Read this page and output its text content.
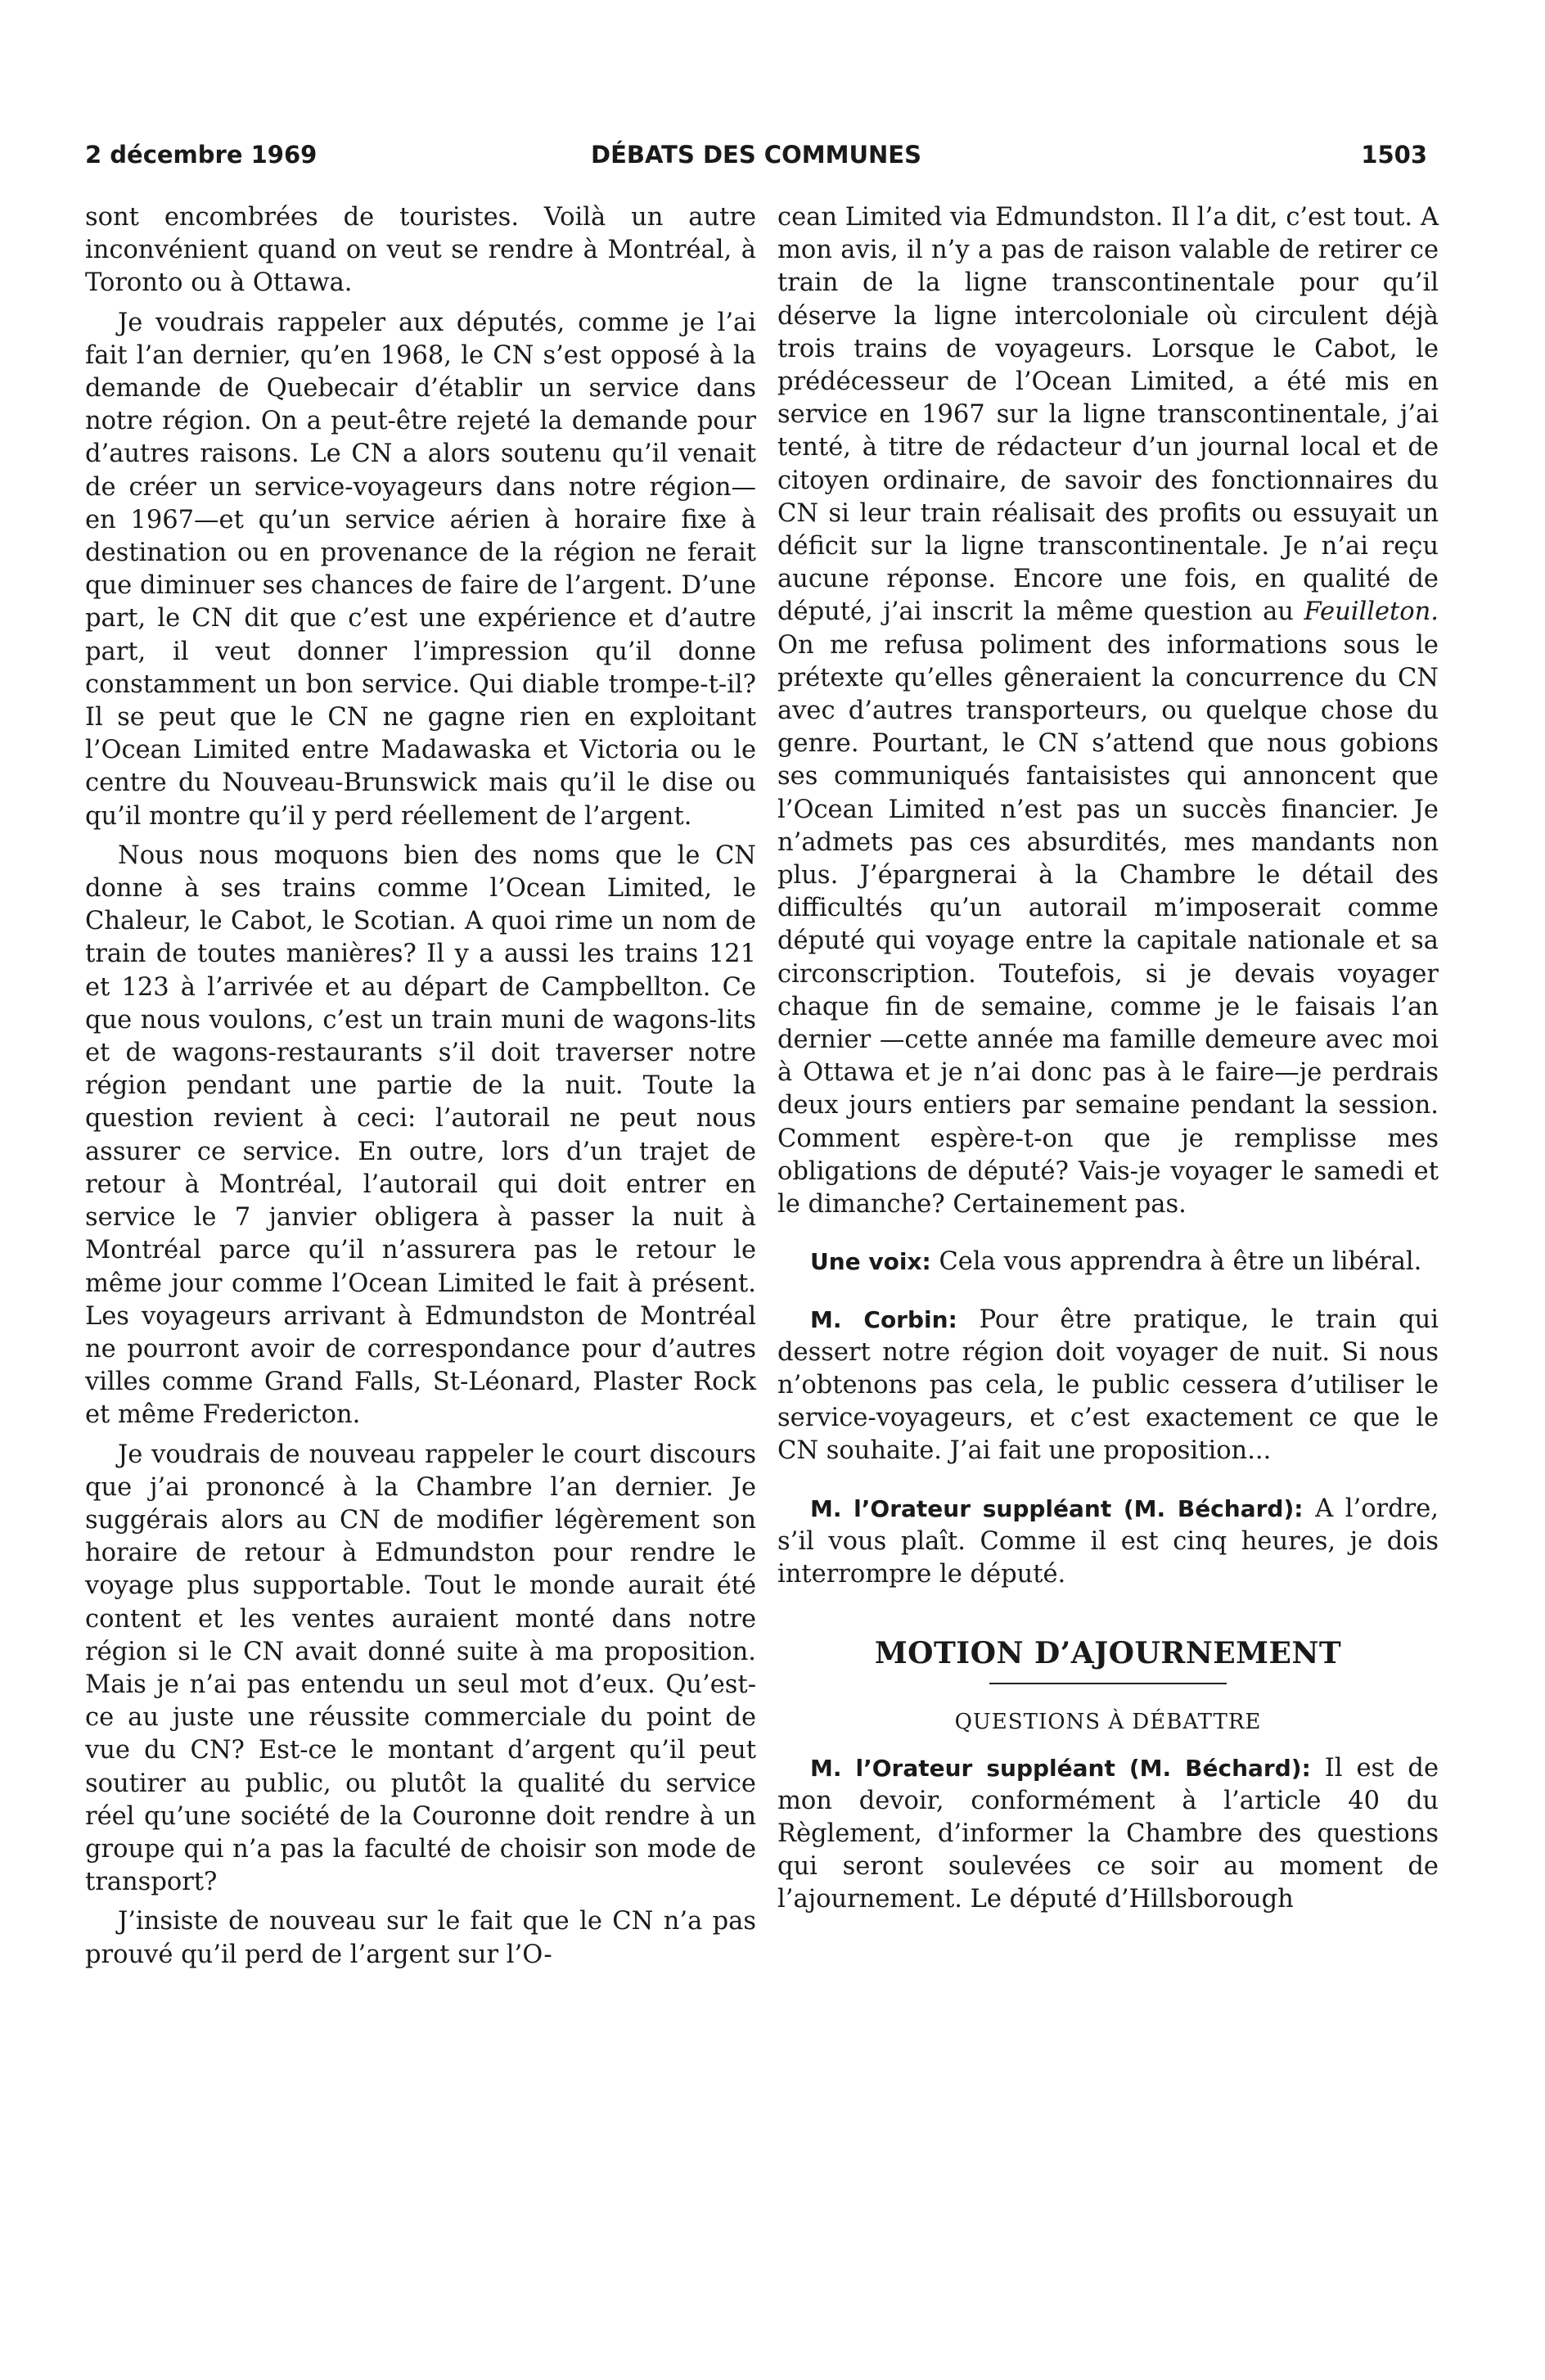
2 décembre 1969	DÉBATS DES COMMUNES	1503

sont encombrées de touristes. Voilà un autre inconvénient quand on veut se rendre à Montréal, à Toronto ou à Ottawa.

Je voudrais rappeler aux députés, comme je l’ai fait l’an dernier, qu’en 1968, le CN s’est opposé à la demande de Quebecair d’établir un service dans notre région. On a peut-être rejeté la demande pour d’autres raisons. Le CN a alors soutenu qu’il venait de créer un service-voyageurs dans notre région—en 1967—et qu’un service aérien à horaire fixe à destination ou en provenance de la région ne ferait que diminuer ses chances de faire de l’argent. D’une part, le CN dit que c’est une expérience et d’autre part, il veut donner l’impression qu’il donne constamment un bon service. Qui diable trompe-t-il? Il se peut que le CN ne gagne rien en exploitant l’Ocean Limited entre Madawaska et Victoria ou le centre du Nouveau-Brunswick mais qu’il le dise ou qu’il montre qu’il y perd réellement de l’argent.

Nous nous moquons bien des noms que le CN donne à ses trains comme l’Ocean Limited, le Chaleur, le Cabot, le Scotian. A quoi rime un nom de train de toutes manières? Il y a aussi les trains 121 et 123 à l’arrivée et au départ de Campbellton. Ce que nous voulons, c’est un train muni de wagons-lits et de wagons-restaurants s’il doit traverser notre région pendant une partie de la nuit. Toute la question revient à ceci: l’autorail ne peut nous assurer ce service. En outre, lors d’un trajet de retour à Montréal, l’autorail qui doit entrer en service le 7 janvier obligera à passer la nuit à Montréal parce qu’il n’assurera pas le retour le même jour comme l’Ocean Limited le fait à présent. Les voyageurs arrivant à Edmundston de Montréal ne pourront avoir de correspondance pour d’autres villes comme Grand Falls, St-Léonard, Plaster Rock et même Fredericton.

Je voudrais de nouveau rappeler le court discours que j’ai prononcé à la Chambre l’an dernier. Je suggérais alors au CN de modifier légèrement son horaire de retour à Edmundston pour rendre le voyage plus supportable. Tout le monde aurait été content et les ventes auraient monté dans notre région si le CN avait donné suite à ma proposition. Mais je n’ai pas entendu un seul mot d’eux. Qu’est-ce au juste une réussite commerciale du point de vue du CN? Est-ce le montant d’argent qu’il peut soutirer au public, ou plutôt la qualité du service réel qu’une société de la Couronne doit rendre à un groupe qui n’a pas la faculté de choisir son mode de transport?

J’insiste de nouveau sur le fait que le CN n’a pas prouvé qu’il perd de l’argent sur l’O-

cean Limited via Edmundston. Il l’a dit, c’est tout. A mon avis, il n’y a pas de raison valable de retirer ce train de la ligne transcontinentale pour qu’il déserve la ligne intercoloniale où circulent déjà trois trains de voyageurs. Lorsque le Cabot, le prédécesseur de l’Ocean Limited, a été mis en service en 1967 sur la ligne transcontinentale, j’ai tenté, à titre de rédacteur d’un journal local et de citoyen ordinaire, de savoir des fonctionnaires du CN si leur train réalisait des profits ou essuyait un déficit sur la ligne transcontinentale. Je n’ai reçu aucune réponse. Encore une fois, en qualité de député, j’ai inscrit la même question au Feuilleton. On me refusa poliment des informations sous le prétexte qu’elles gêneraient la concurrence du CN avec d’autres transporteurs, ou quelque chose du genre. Pourtant, le CN s’attend que nous gobions ses communiqués fantaisistes qui annoncent que l’Ocean Limited n’est pas un succès financier. Je n’admets pas ces absurdités, mes mandants non plus. J’épargnerai à la Chambre le détail des difficultés qu’un autorail m’imposerait comme député qui voyage entre la capitale nationale et sa circonscription. Toutefois, si je devais voyager chaque fin de semaine, comme je le faisais l’an dernier —cette année ma famille demeure avec moi à Ottawa et je n’ai donc pas à le faire—je perdrais deux jours entiers par semaine pendant la session. Comment espère-t-on que je remplisse mes obligations de député? Vais-je voyager le samedi et le dimanche? Certainement pas.

Une voix: Cela vous apprendra à être un libéral.

M. Corbin: Pour être pratique, le train qui dessert notre région doit voyager de nuit. Si nous n’obtenons pas cela, le public cessera d’utiliser le service-voyageurs, et c’est exactement ce que le CN souhaite. J’ai fait une proposition...

M. l’Orateur suppléant (M. Béchard): A l’ordre, s’il vous plaît. Comme il est cinq heures, je dois interrompre le député.

MOTION D’AJOURNEMENT
QUESTIONS À DÉBATTRE

M. l’Orateur suppléant (M. Béchard): Il est de mon devoir, conformément à l’article 40 du Règlement, d’informer la Chambre des questions qui seront soulevées ce soir au moment de l’ajournement. Le député d’Hillsborough
